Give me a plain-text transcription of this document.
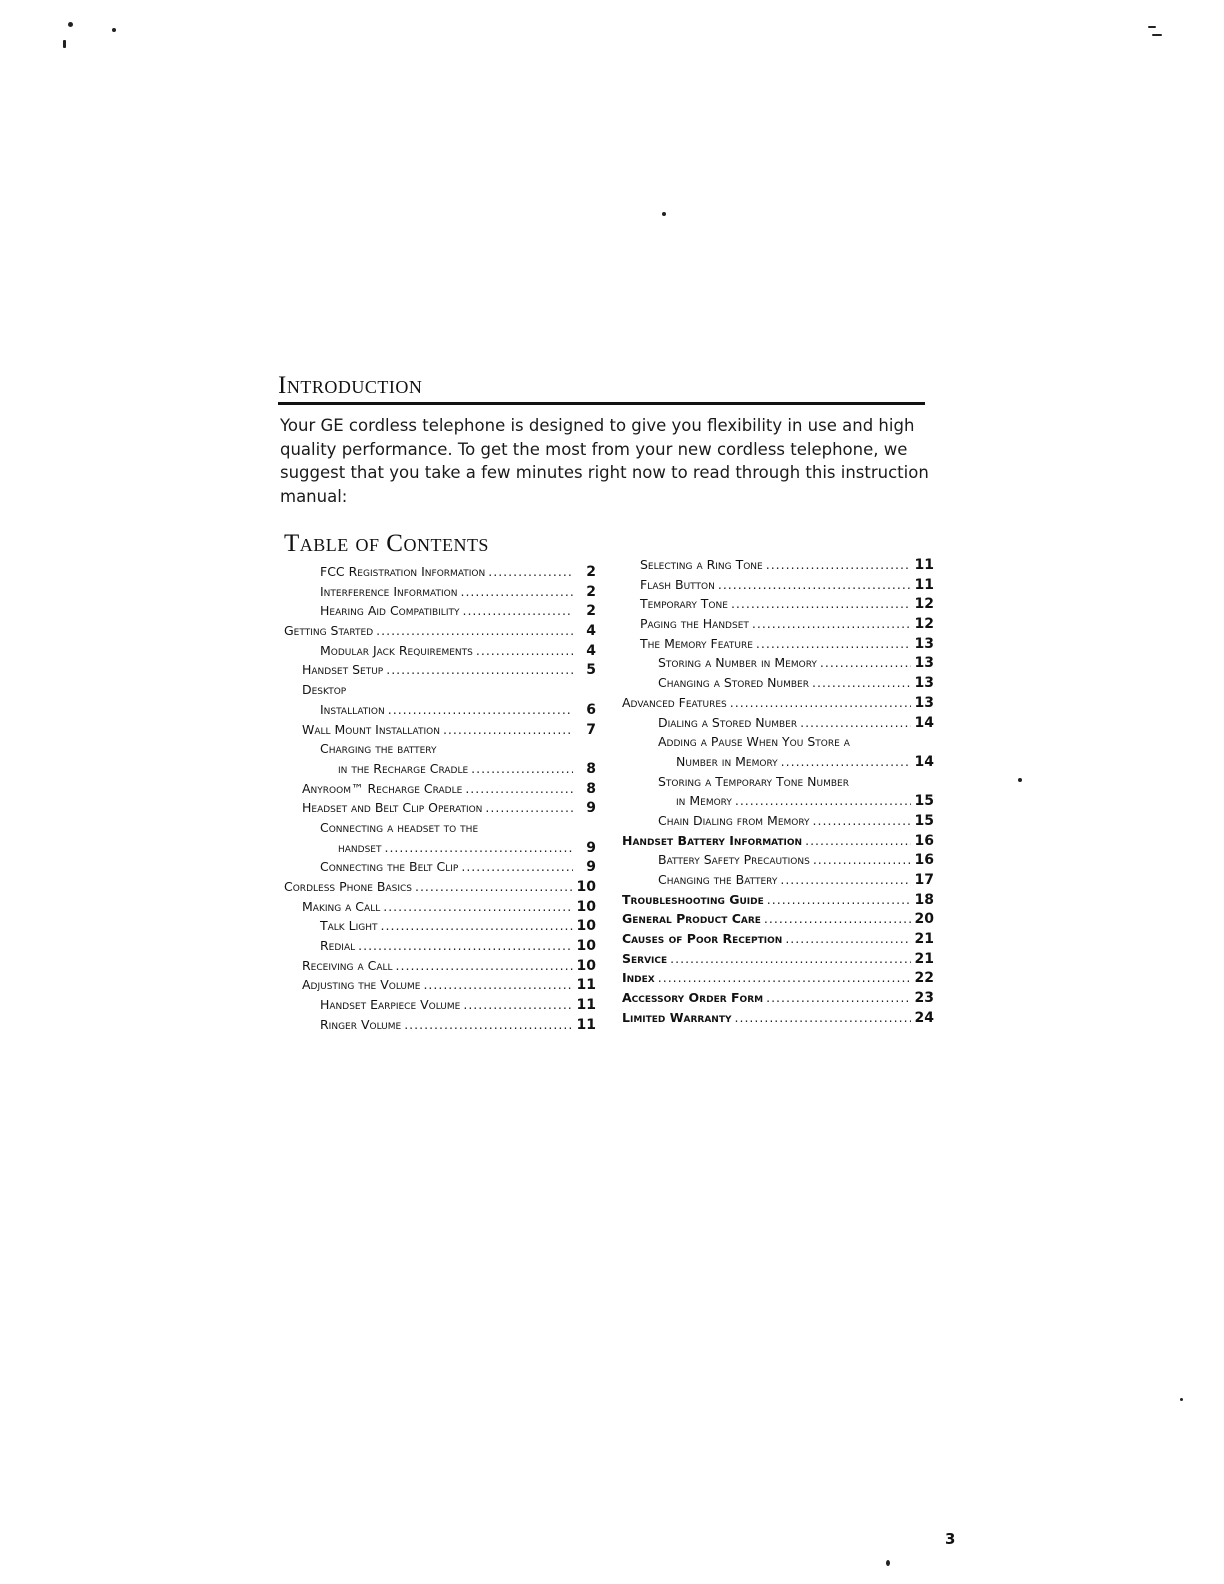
Introduction

Your GE cordless telephone is designed to give you flexibility in use and high quality performance. To get the most from your new cordless telephone, we suggest that you take a few minutes right now to read through this instruction manual:

Table of Contents
FCC Registration Information .....	2
Interference Information .....	2
Hearing Aid Compatibility .....	2
Getting Started .....	4
Modular Jack Requirements .....	4
Handset Setup .....	5
Desktop
Installation .....	6
Wall Mount Installation .....	7
Charging the battery
in the Recharge Cradle .....	8
Anyroom™ Recharge Cradle .....	8
Headset and Belt Clip Operation .....	9
Connecting a headset to the
handset .....	9
Connecting the Belt Clip .....	9
Cordless Phone Basics .....	10
Making a Call .....	10
Talk Light .....	10
Redial .....	10
Receiving a Call .....	10
Adjusting the Volume .....	11
Handset Earpiece Volume .....	11
Ringer Volume .....	11
Selecting a Ring Tone .....	11
Flash Button .....	11
Temporary Tone .....	12
Paging the Handset .....	12
The Memory Feature .....	13
Storing a Number in Memory .....	13
Changing a Stored Number .....	13
Advanced Features .....	13
Dialing a Stored Number .....	14
Adding a Pause When You Store a
Number in Memory .....	14
Storing a Temporary Tone Number
in Memory .....	15
Chain Dialing from Memory .....	15
Handset Battery Information .....	16
Battery Safety Precautions .....	16
Changing the Battery .....	17
Troubleshooting Guide .....	18
General Product Care .....	20
Causes of Poor Reception .....	21
Service .....	21
Index .....	22
Accessory Order Form .....	23
Limited Warranty .....	24
3
